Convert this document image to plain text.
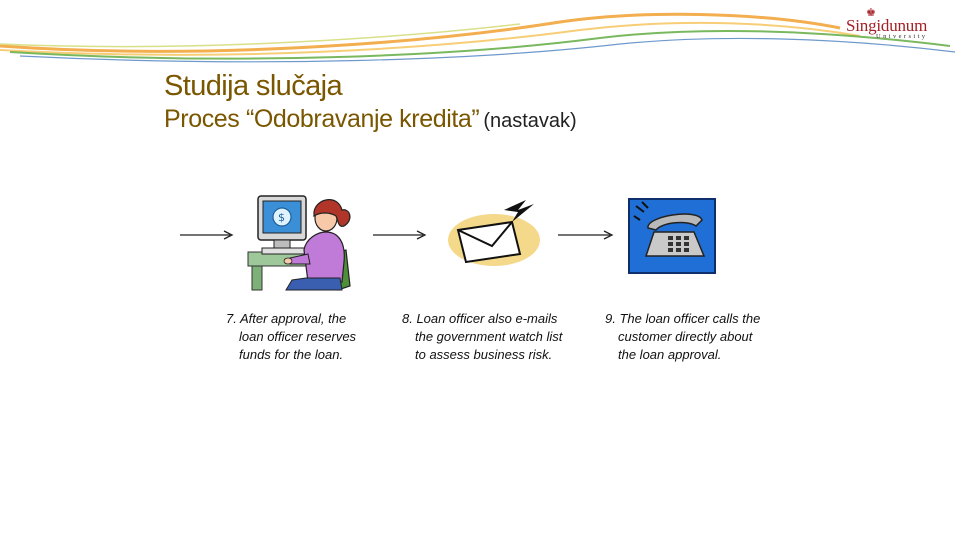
♚
Singidunum
University
Studija slučaja
Proces “Odobravanje kredita” (nastavak)
$
7. After approval, the
loan officer reserves
funds for the loan.
8. Loan officer also e-mails
the government watch list
to assess business risk.
9. The loan officer calls the
customer directly about
the loan approval.
